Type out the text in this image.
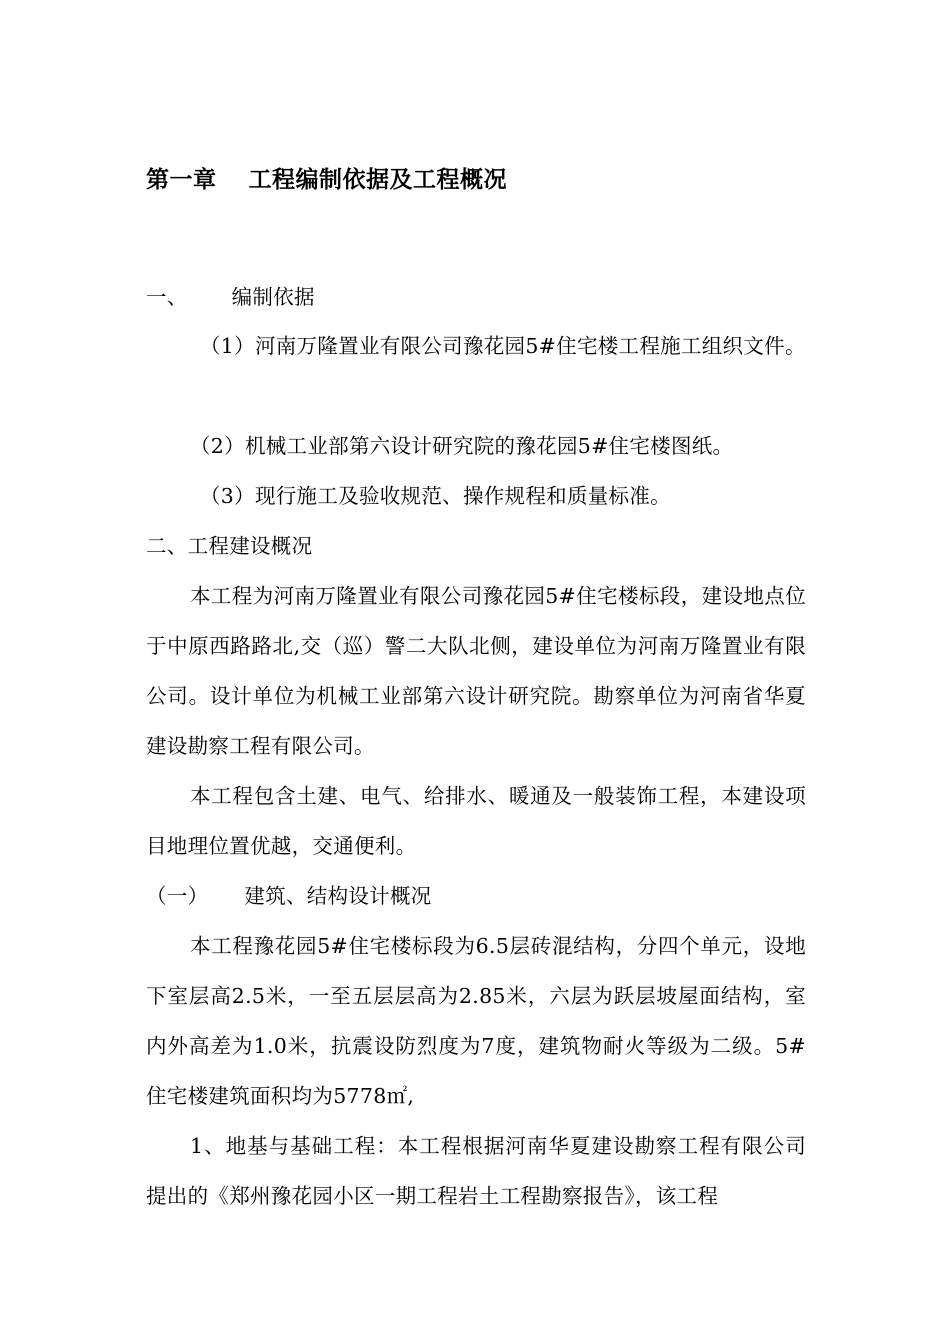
第一章　 工程编制依据及工程概况
一、 编制依据

（1）河南万隆置业有限公司豫花园5#住宅楼工程施工组织文件。

（2）机械工业部第六设计研究院的豫花园5#住宅楼图纸。

（3）现行施工及验收规范、操作规程和质量标准。

二、工程建设概况

本工程为河南万隆置业有限公司豫花园5#住宅楼标段，建设地点位于中原西路路北,交（巡）警二大队北侧，建设单位为河南万隆置业有限公司。设计单位为机械工业部第六设计研究院。勘察单位为河南省华夏建设勘察工程有限公司。

本工程包含土建、电气、给排水、暖通及一般装饰工程，本建设项目地理位置优越，交通便利。

（一） 建筑、结构设计概况

本工程豫花园5#住宅楼标段为6.5层砖混结构，分四个单元，设地下室层高2.5米，一至五层层高为2.85米，六层为跃层坡屋面结构，室内外高差为1.0米，抗震设防烈度为7度，建筑物耐火等级为二级。5#住宅楼建筑面积均为5778㎡,

1、地基与基础工程：本工程根据河南华夏建设勘察工程有限公司提出的《郑州豫花园小区一期工程岩土工程勘察报告》，该工程
